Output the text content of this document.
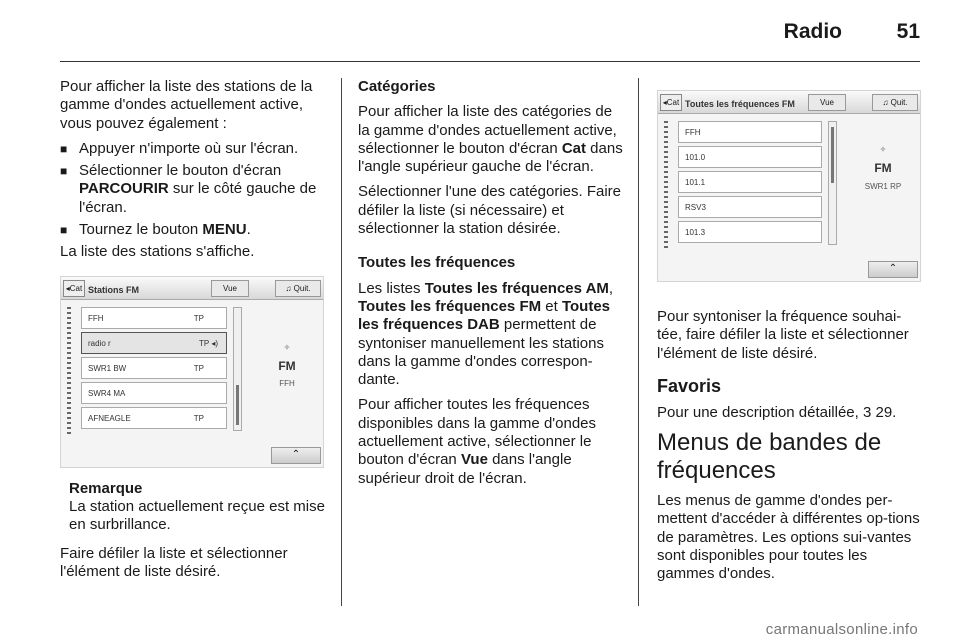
Radio	51

Pour afficher la liste des stations de la gamme d'ondes actuellement active, vous pouvez également :

■ Appuyer n'importe où sur l'écran.
■ Sélectionner le bouton d'écran
PARCOURIR sur le côté gauche de l'écran.
■ Tournez le bouton MENU.

La liste des stations s'affiche.

◂Cat Stations FM	Vue	♫ Quit.
FFH	TP
radio r	TP ◂)
SWR1 BW	TP
SWR4 MA
AFNEAGLE	TP
✧
FM
FFH
⌃
Remarque
La station actuellement reçue est mise en surbrillance.

Faire défiler la liste et sélectionner l'élément de liste désiré.

Catégories

Pour afficher la liste des catégories de la gamme d'ondes actuellement active, sélectionner le bouton d'écran Cat dans l'angle supérieur gauche de l'écran.

Sélectionner l'une des catégories. Faire défiler la liste (si nécessaire) et sélectionner la station désirée.

Toutes les fréquences

Les listes Toutes les fréquences AM, Toutes les fréquences FM et Toutes les fréquences DAB permettent de syntoniser manuellement les stations dans la gamme d'ondes correspon-dante.

Pour afficher toutes les fréquences disponibles dans la gamme d'ondes actuellement active, sélectionner le bouton d'écran Vue dans l'angle supérieur droit de l'écran.

◂Cat Toutes les fréquences FM	Vue	♫ Quit.
FFH
101.0
101.1
RSV3
101.3
✧
FM
SWR1 RP
⌃

Pour syntoniser la fréquence souhai-tée, faire défiler la liste et sélectionner l'élément de liste désiré.

Favoris

Pour une description détaillée, 3 29.

Menus de bandes de fréquences

Les menus de gamme d'ondes per-mettent d'accéder à différentes op-tions de paramètres. Les options sui-vantes sont disponibles pour toutes les gammes d'ondes.

carmanualsonline.info
